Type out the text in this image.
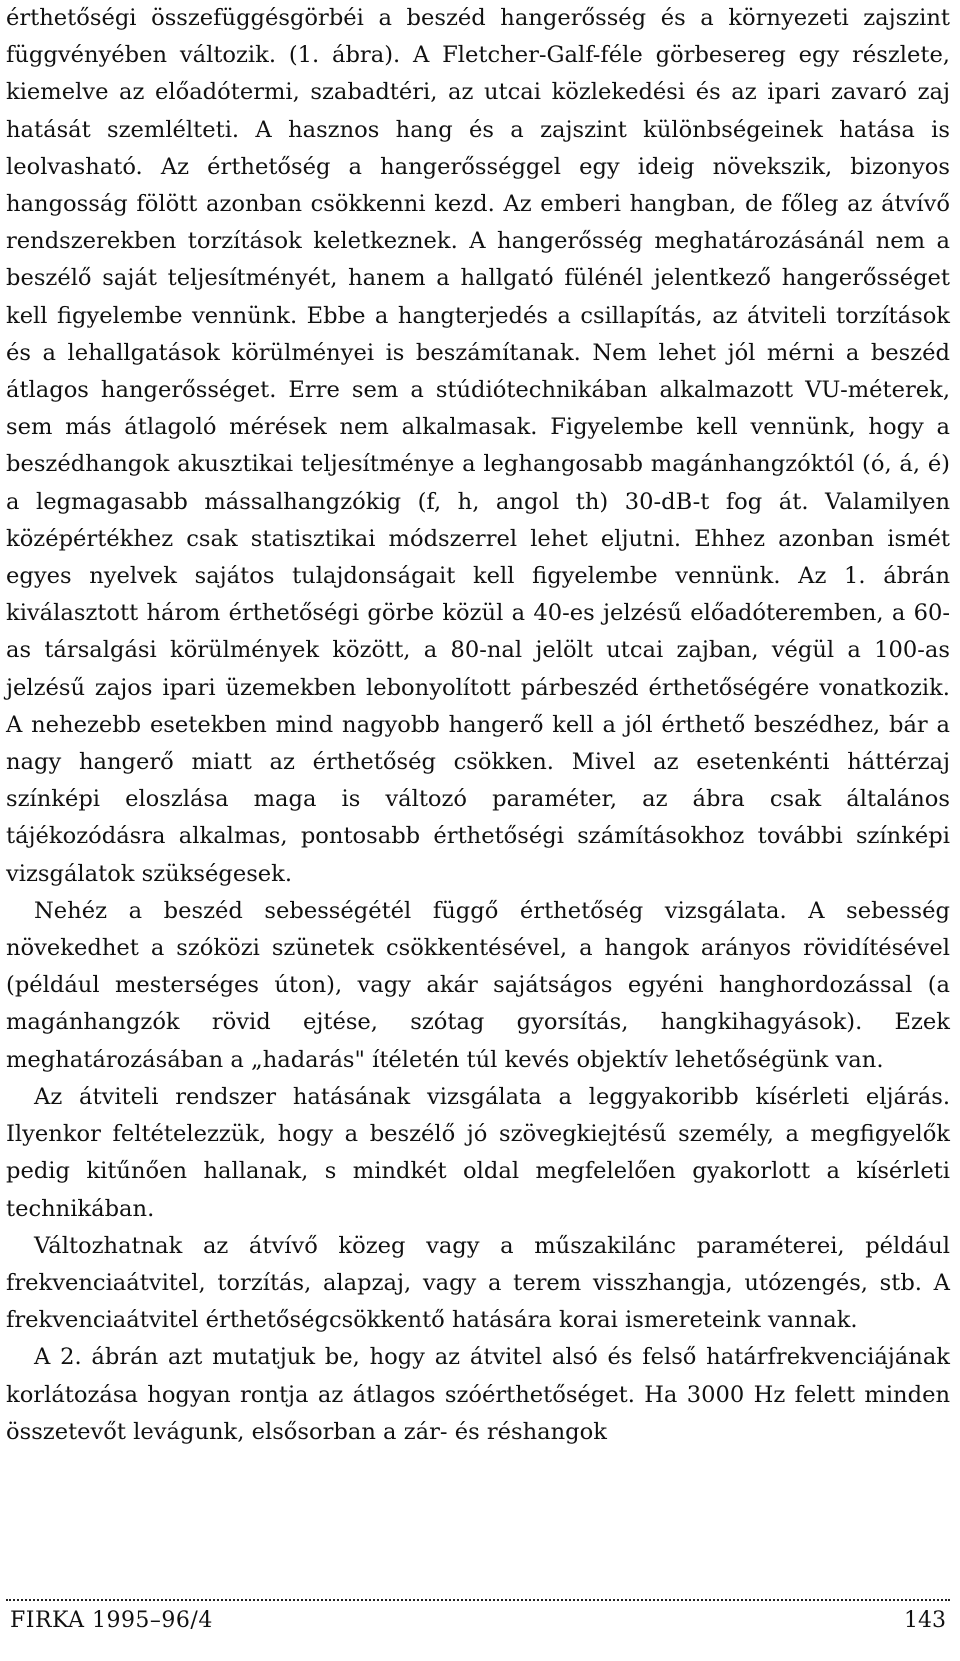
érthetőségi összefüggésgörbéi a beszéd hangerősség és a környezeti zajszint függvényében változik. (1. ábra). A Fletcher-Galf-féle görbesereg egy részlete, kiemelve az előadótermi, szabadtéri, az utcai közlekedési és az ipari zavaró zaj hatását szemlélteti. A hasznos hang és a zajszint különbségeinek hatása is leolvasható. Az érthetőség a hangerősséggel egy ideig növekszik, bizonyos hangosság fölött azonban csökkenni kezd. Az emberi hangban, de főleg az átvívő rendszerekben torzítások keletkeznek. A hangerősség meghatározásánál nem a beszélő saját teljesítményét, hanem a hallgató fülénél jelentkező hangerősséget kell figyelembe vennünk. Ebbe a hangterjedés a csillapítás, az átviteli torzítások és a lehallgatások körülményei is beszámítanak. Nem lehet jól mérni a beszéd átlagos hangerősséget. Erre sem a stúdiótechnikában alkalmazott VU-méterek, sem más átlagoló mérések nem alkalmasak. Figyelembe kell vennünk, hogy a beszédhangok akusztikai teljesítménye a leghangosabb magánhangzóktól (ó, á, é) a legmagasabb mássalhangzókig (f, h, angol th) 30-dB-t fog át. Valamilyen középértékhez csak statisztikai módszerrel lehet eljutni. Ehhez azonban ismét egyes nyelvek sajátos tulajdonságait kell figyelembe vennünk. Az 1. ábrán kiválasztott három érthetőségi görbe közül a 40-es jelzésű előadóteremben, a 60-as társalgási körülmények között, a 80-nal jelölt utcai zajban, végül a 100-as jelzésű zajos ipari üzemekben lebonyolított párbeszéd érthetőségére vonatkozik. A nehezebb esetekben mind nagyobb hangerő kell a jól érthető beszédhez, bár a nagy hangerő miatt az érthetőség csökken. Mivel az esetenkénti háttérzaj színképi eloszlása maga is változó paraméter, az ábra csak általános tájékozódásra alkalmas, pontosabb érthetőségi számításokhoz további színképi vizsgálatok szükségesek.
Nehéz a beszéd sebességétél függő érthetőség vizsgálata. A sebesség növekedhet a szóközi szünetek csökkentésével, a hangok arányos rövidítésével (például mesterséges úton), vagy akár sajátságos egyéni hanghordozással (a magánhangzók rövid ejtése, szótag gyorsítás, hangkihagyások). Ezek meghatározásában a „hadarás" ítéletén túl kevés objektív lehetőségünk van.
Az átviteli rendszer hatásának vizsgálata a leggyakoribb kísérleti eljárás. Ilyenkor feltételezzük, hogy a beszélő jó szövegkiejtésű személy, a megfigyelők pedig kitűnően hallanak, s mindkét oldal megfelelően gyakorlott a kísérleti technikában.
Változhatnak az átvívő közeg vagy a műszakilánc paraméterei, például frekvenciaátvitel, torzítás, alapzaj, vagy a terem visszhangja, utózengés, stb. A frekvenciaátvitel érthetőségcsökkentő hatására korai ismereteink vannak.
A 2. ábrán azt mutatjuk be, hogy az átvitel alsó és felső határfrekvenciájának korlátozása hogyan rontja az átlagos szóérthetőséget. Ha 3000 Hz felett minden összetevőt levágunk, elsősorban a zár- és réshangok
FIRKA 1995–96/4	143
